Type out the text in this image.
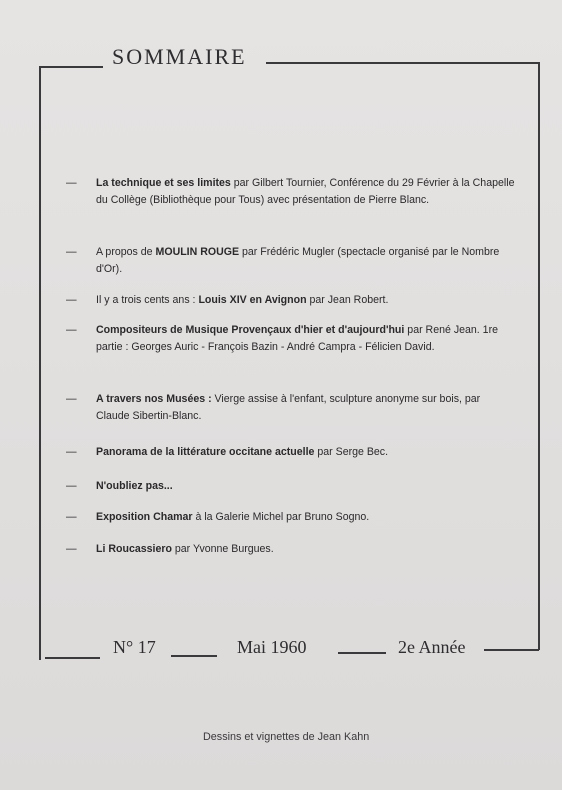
SOMMAIRE
— La technique et ses limites par Gilbert Tournier, Conférence du 29 Février à la Chapelle du Collège (Bibliothèque pour Tous) avec présentation de Pierre Blanc.
— A propos de MOULIN ROUGE par Frédéric Mugler (spectacle organisé par le Nombre d'Or).
— Il y a trois cents ans : Louis XIV en Avignon par Jean Robert.
— Compositeurs de Musique Provençaux d'hier et d'aujourd'hui par René Jean. 1re partie : Georges Auric - François Bazin - André Campra - Félicien David.
— A travers nos Musées : Vierge assise à l'enfant, sculpture anonyme sur bois, par Claude Sibertin-Blanc.
— Panorama de la littérature occitane actuelle par Serge Bec.
— N'oubliez pas...
— Exposition Chamar à la Galerie Michel par Bruno Sogno.
— Li Roucassiero par Yvonne Burgues.
N° 17	Mai 1960	2e Année
Dessins et vignettes de Jean Kahn
